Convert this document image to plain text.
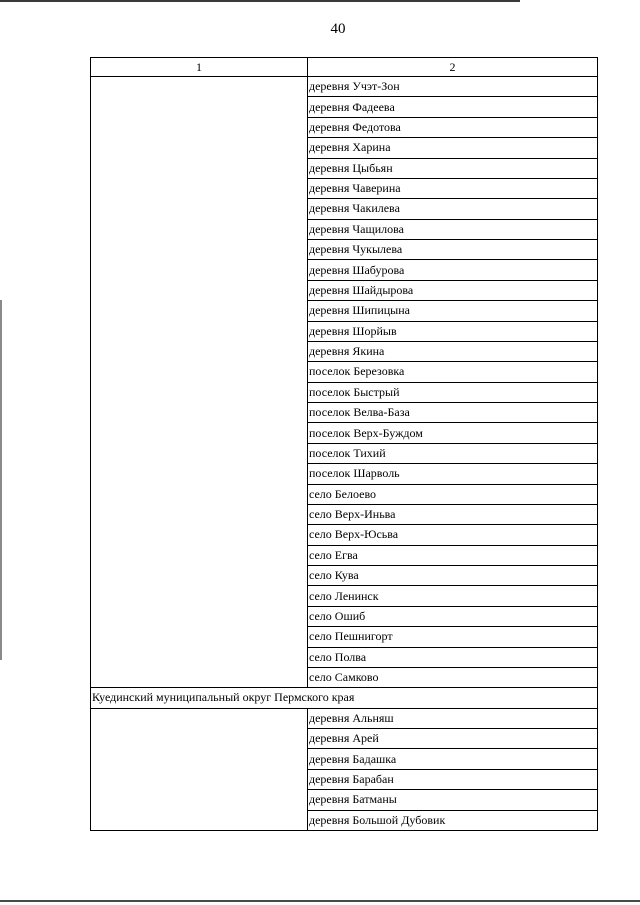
40
1	2
	деревня Учэт-Зон
	деревня Фадеева
	деревня Федотова
	деревня Харина
	деревня Цыбьян
	деревня Чаверина
	деревня Чакилева
	деревня Чащилова
	деревня Чукылева
	деревня Шабурова
	деревня Шайдырова
	деревня Шипицына
	деревня Шорйыв
	деревня Якина
	поселок Березовка
	поселок Быстрый
	поселок Велва-База
	поселок Верх-Буждом
	поселок Тихий
	поселок Шарволь
	село Белоево
	село Верх-Иньва
	село Верх-Юсьва
	село Егва
	село Кува
	село Ленинск
	село Ошиб
	село Пешнигорт
	село Полва
	село Самково
Куединский муниципальный округ Пермского края	
	деревня Альняш
	деревня Арей
	деревня Бадашка
	деревня Барабан
	деревня Батманы
	деревня Большой Дубовик
